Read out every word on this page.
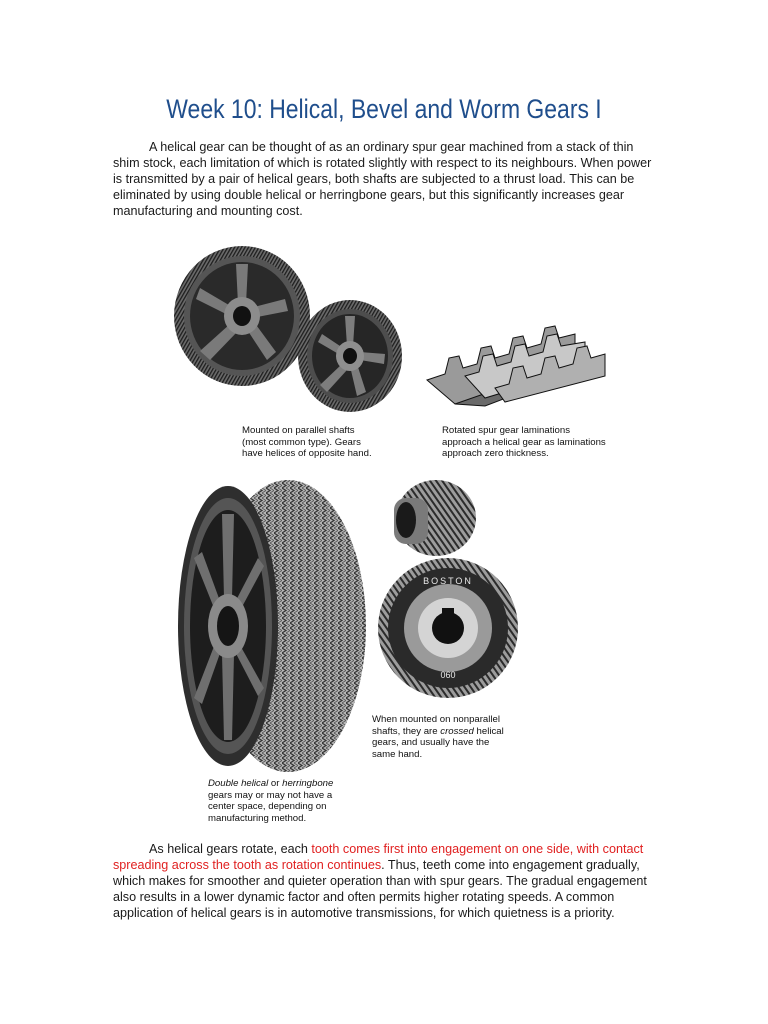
Week 10: Helical, Bevel and Worm Gears I
A helical gear can be thought of as an ordinary spur gear machined from a stack of thin shim stock, each limitation of which is rotated slightly with respect to its neighbours. When power is transmitted by a pair of helical gears, both shafts are subjected to a thrust load. This can be eliminated by using double helical or herringbone gears, but this significantly increases gear manufacturing and mounting cost.
Mounted on parallel shafts
(most common type). Gears
have helices of opposite hand.
Rotated spur gear laminations
approach a helical gear as laminations
approach zero thickness.
BOSTON
060
When mounted on nonparallel
shafts, they are crossed helical
gears, and usually have the
same hand.
Double helical or herringbone
gears may or may not have a
center space, depending on
manufacturing method.
As helical gears rotate, each tooth comes first into engagement on one side, with contact spreading across the tooth as rotation continues. Thus, teeth come into engagement gradually, which makes for smoother and quieter operation than with spur gears. The gradual engagement also results in a lower dynamic factor and often permits higher rotating speeds. A common application of helical gears is in automotive transmissions, for which quietness is a priority.
